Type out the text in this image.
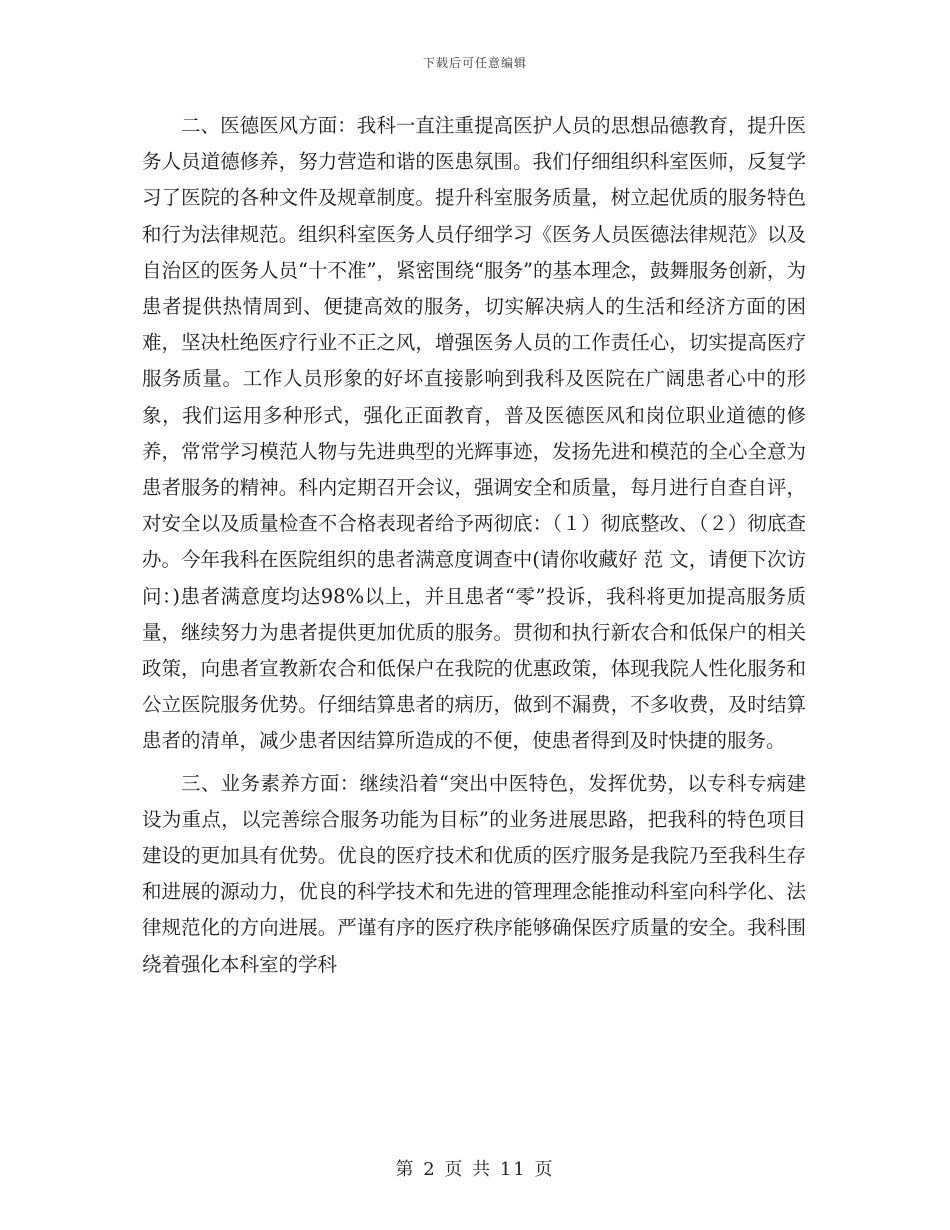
下载后可任意编辑

二、医德医风方面：我科一直注重提高医护人员的思想品德教育，提升医务人员道德修养，努力营造和谐的医患氛围。我们仔细组织科室医师，反复学习了医院的各种文件及规章制度。提升科室服务质量，树立起优质的服务特色和行为法律规范。组织科室医务人员仔细学习《医务人员医德法律规范》以及自治区的医务人员“十不准”，紧密围绕“服务”的基本理念，鼓舞服务创新，为患者提供热情周到、便捷高效的服务，切实解决病人的生活和经济方面的困难，坚决杜绝医疗行业不正之风，增强医务人员的工作责任心，切实提高医疗服务质量。工作人员形象的好坏直接影响到我科及医院在广阔患者心中的形象，我们运用多种形式，强化正面教育，普及医德医风和岗位职业道德的修养，常常学习模范人物与先进典型的光辉事迹，发扬先进和模范的全心全意为患者服务的精神。科内定期召开会议，强调安全和质量，每月进行自查自评，对安全以及质量检查不合格表现者给予两彻底：（１）彻底整改、（２）彻底查办。今年我科在医院组织的患者满意度调查中(请你收藏好 范 文，请便下次访问：)患者满意度均达98%以上，并且患者“零”投诉，我科将更加提高服务质量，继续努力为患者提供更加优质的服务。贯彻和执行新农合和低保户的相关政策，向患者宣教新农合和低保户在我院的优惠政策，体现我院人性化服务和公立医院服务优势。仔细结算患者的病历，做到不漏费，不多收费，及时结算患者的清单，减少患者因结算所造成的不便，使患者得到及时快捷的服务。

三、业务素养方面：继续沿着“突出中医特色，发挥优势，以专科专病建设为重点，以完善综合服务功能为目标”的业务进展思路，把我科的特色项目建设的更加具有优势。优良的医疗技术和优质的医疗服务是我院乃至我科生存和进展的源动力，优良的科学技术和先进的管理理念能推动科室向科学化、法律规范化的方向进展。严谨有序的医疗秩序能够确保医疗质量的安全。我科围绕着强化本科室的学科

第 2 页 共 11 页
